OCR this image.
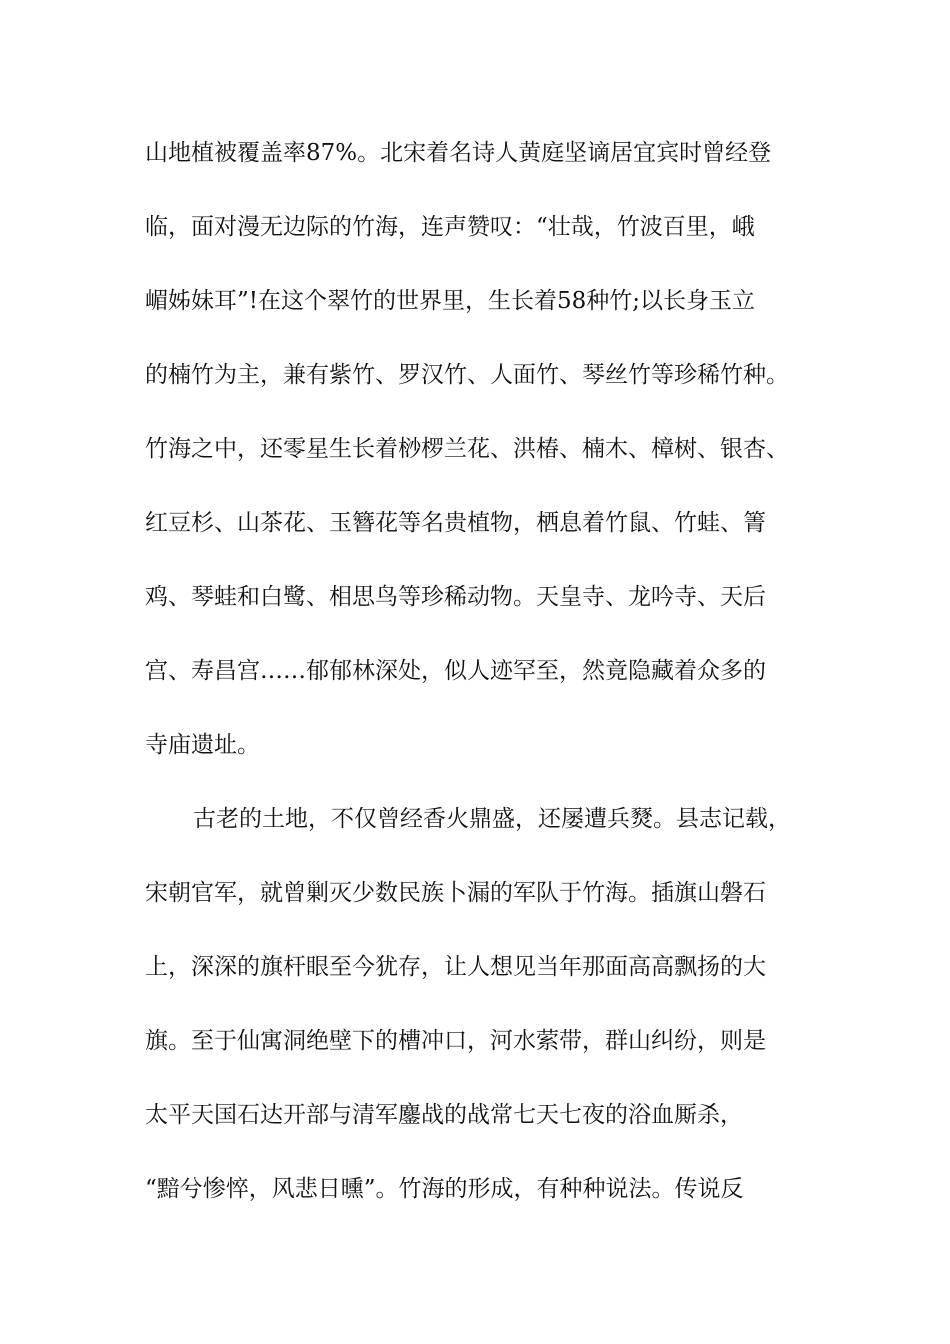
山地植被覆盖率87%。北宋着名诗人黄庭坚谪居宜宾时曾经登
临，面对漫无边际的竹海，连声赞叹：“壮哉，竹波百里，峨
嵋姊妹耳”!在这个翠竹的世界里，生长着58种竹;以长身玉立
的楠竹为主，兼有紫竹、罗汉竹、人面竹、琴丝竹等珍稀竹种。
竹海之中，还零星生长着桫椤兰花、洪椿、楠木、樟树、银杏、
红豆杉、山茶花、玉簪花等名贵植物，栖息着竹鼠、竹蛙、箐
鸡、琴蛙和白鹭、相思鸟等珍稀动物。天皇寺、龙吟寺、天后
宫、寿昌宫……郁郁林深处，似人迹罕至，然竟隐藏着众多的
寺庙遗址。
古老的土地，不仅曾经香火鼎盛，还屡遭兵燹。县志记载，
宋朝官军，就曾剿灭少数民族卜漏的军队于竹海。插旗山磐石
上，深深的旗杆眼至今犹存，让人想见当年那面高高飘扬的大
旗。至于仙寓洞绝壁下的槽冲口，河水萦带，群山纠纷，则是
太平天国石达开部与清军鏖战的战常七天七夜的浴血厮杀，
“黯兮惨悴，风悲日曛”。竹海的形成，有种种说法。传说反
